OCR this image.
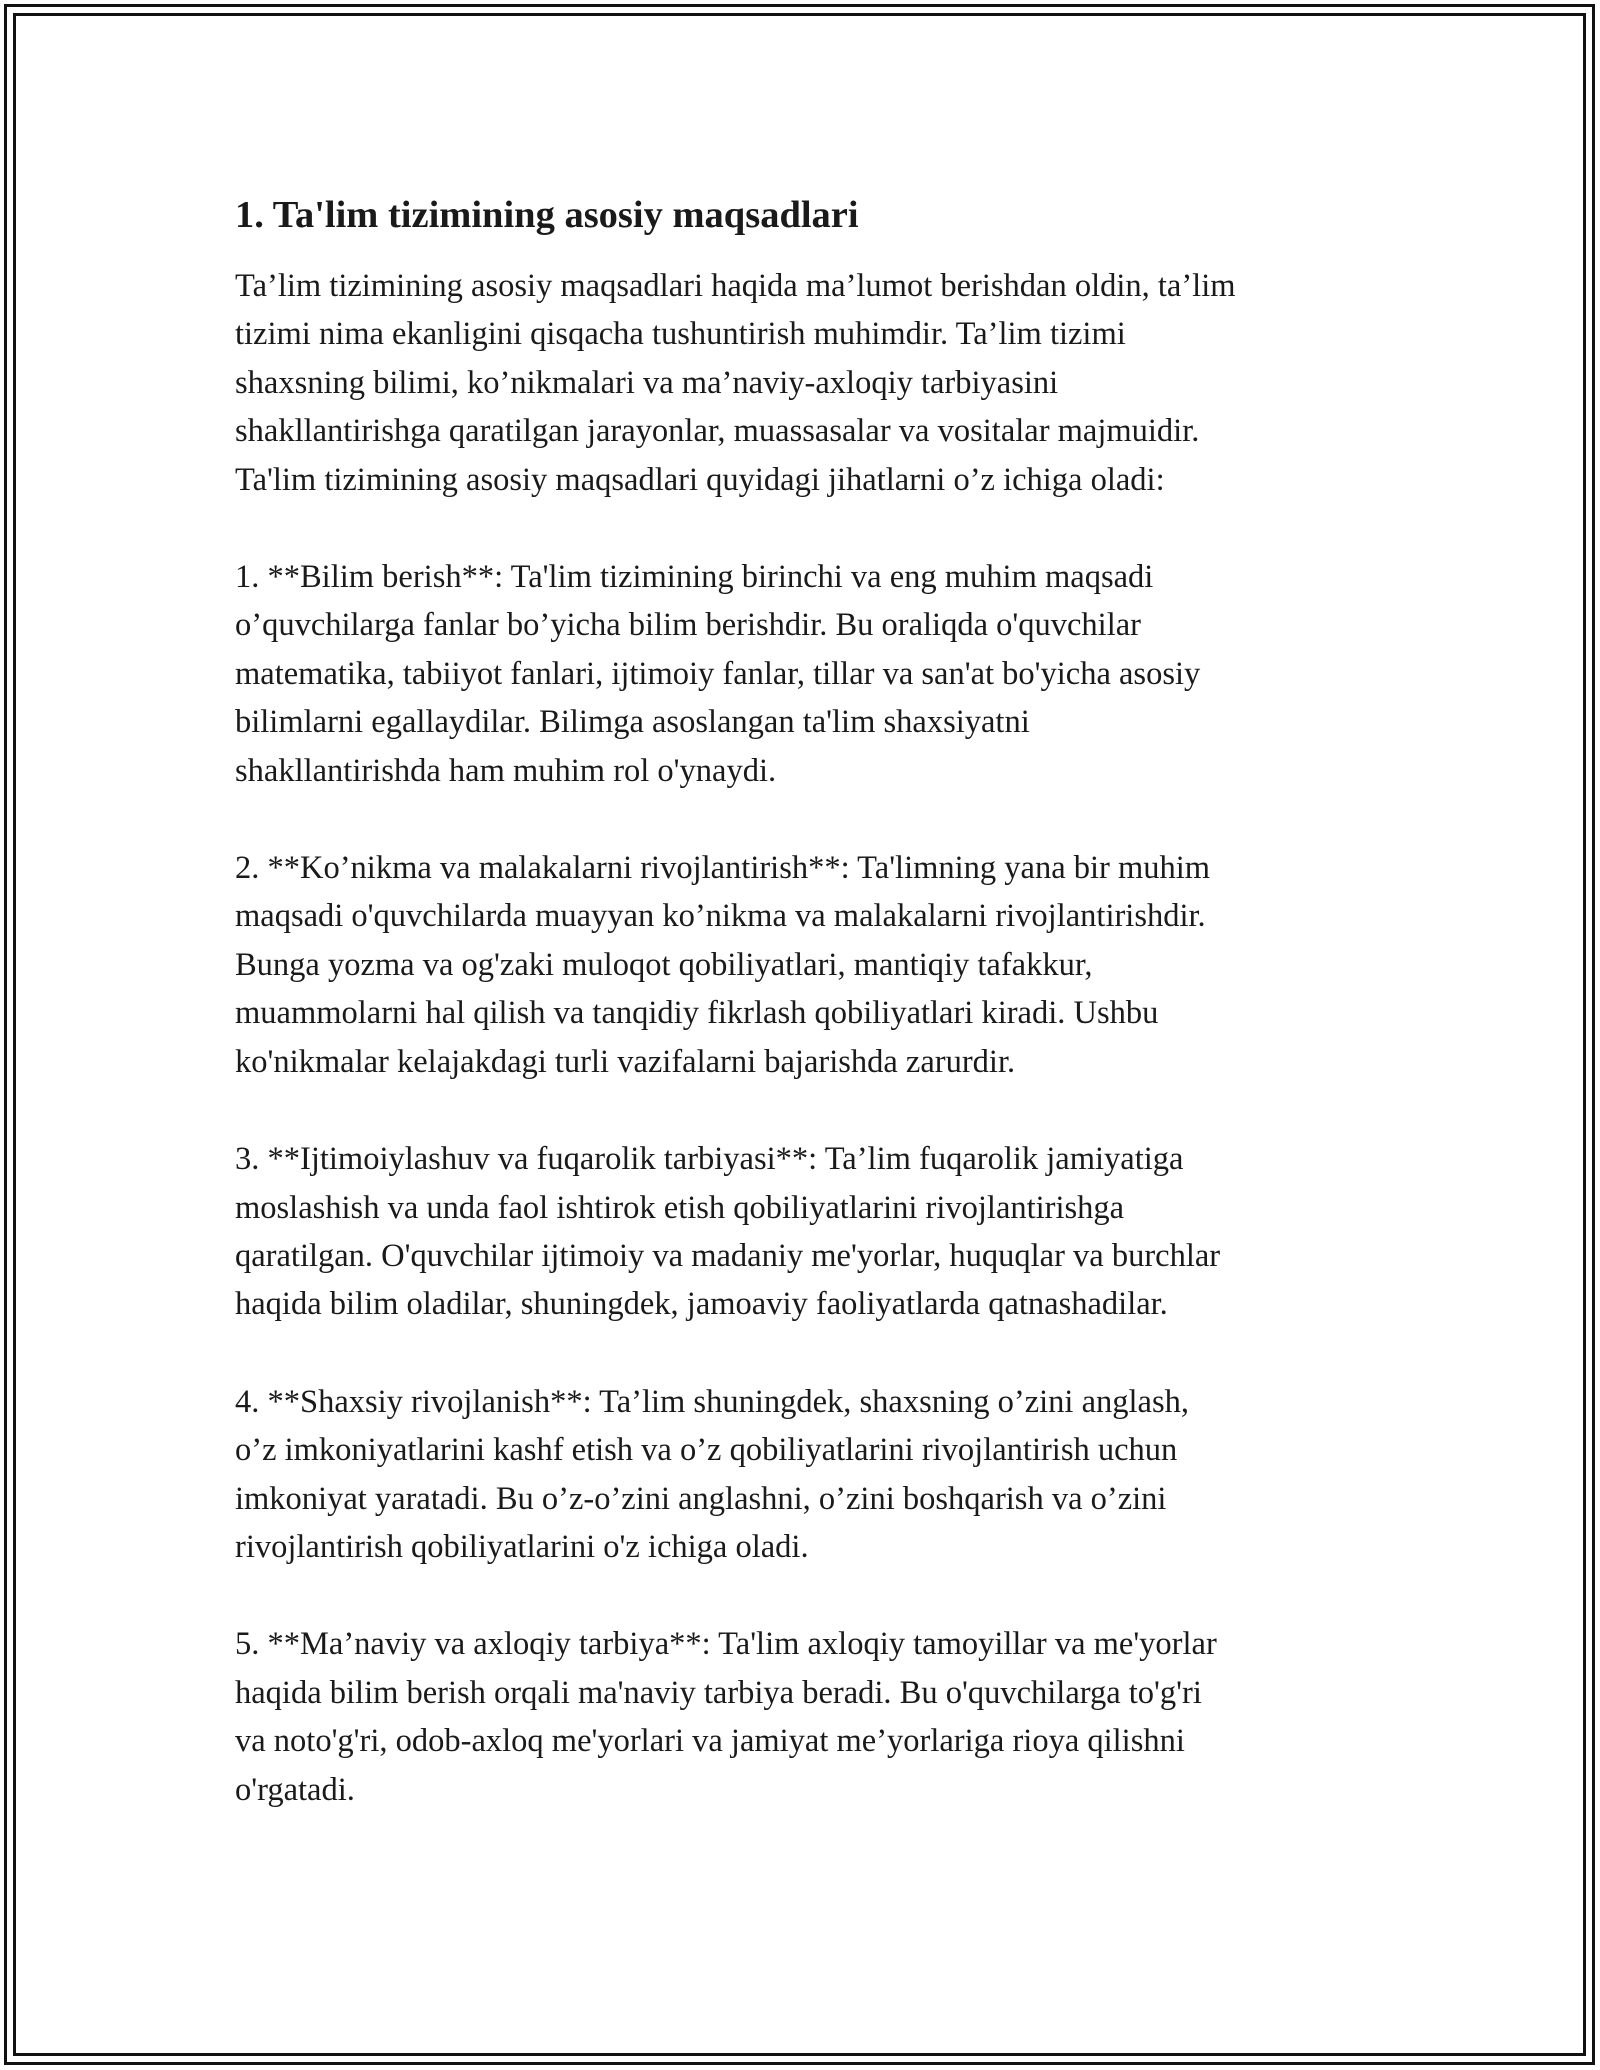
1. Ta'lim tizimining asosiy maqsadlari
Ta’lim tizimining asosiy maqsadlari haqida ma’lumot berishdan oldin, ta’lim
tizimi nima ekanligini qisqacha tushuntirish muhimdir. Ta’lim tizimi
shaxsning bilimi, ko’nikmalari va ma’naviy-axloqiy tarbiyasini
shakllantirishga qaratilgan jarayonlar, muassasalar va vositalar majmuidir.
Ta'lim tizimining asosiy maqsadlari quyidagi jihatlarni o’z ichiga oladi:
1. **Bilim berish**: Ta'lim tizimining birinchi va eng muhim maqsadi
o’quvchilarga fanlar bo’yicha bilim berishdir. Bu oraliqda o'quvchilar
matematika, tabiiyot fanlari, ijtimoiy fanlar, tillar va san'at bo'yicha asosiy
bilimlarni egallaydilar. Bilimga asoslangan ta'lim shaxsiyatni
shakllantirishda ham muhim rol o'ynaydi.
2. **Ko’nikma va malakalarni rivojlantirish**: Ta'limning yana bir muhim
maqsadi o'quvchilarda muayyan ko’nikma va malakalarni rivojlantirishdir.
Bunga yozma va og'zaki muloqot qobiliyatlari, mantiqiy tafakkur,
muammolarni hal qilish va tanqidiy fikrlash qobiliyatlari kiradi. Ushbu
ko'nikmalar kelajakdagi turli vazifalarni bajarishda zarurdir.
3. **Ijtimoiylashuv va fuqarolik tarbiyasi**: Ta’lim fuqarolik jamiyatiga
moslashish va unda faol ishtirok etish qobiliyatlarini rivojlantirishga
qaratilgan. O'quvchilar ijtimoiy va madaniy me'yorlar, huquqlar va burchlar
haqida bilim oladilar, shuningdek, jamoaviy faoliyatlarda qatnashadilar.
4. **Shaxsiy rivojlanish**: Ta’lim shuningdek, shaxsning o’zini anglash,
o’z imkoniyatlarini kashf etish va o’z qobiliyatlarini rivojlantirish uchun
imkoniyat yaratadi. Bu o’z-o’zini anglashni, o’zini boshqarish va o’zini
rivojlantirish qobiliyatlarini o'z ichiga oladi.
5. **Ma’naviy va axloqiy tarbiya**: Ta'lim axloqiy tamoyillar va me'yorlar
haqida bilim berish orqali ma'naviy tarbiya beradi. Bu o'quvchilarga to'g'ri
va noto'g'ri, odob-axloq me'yorlari va jamiyat me’yorlariga rioya qilishni
o'rgatadi.
